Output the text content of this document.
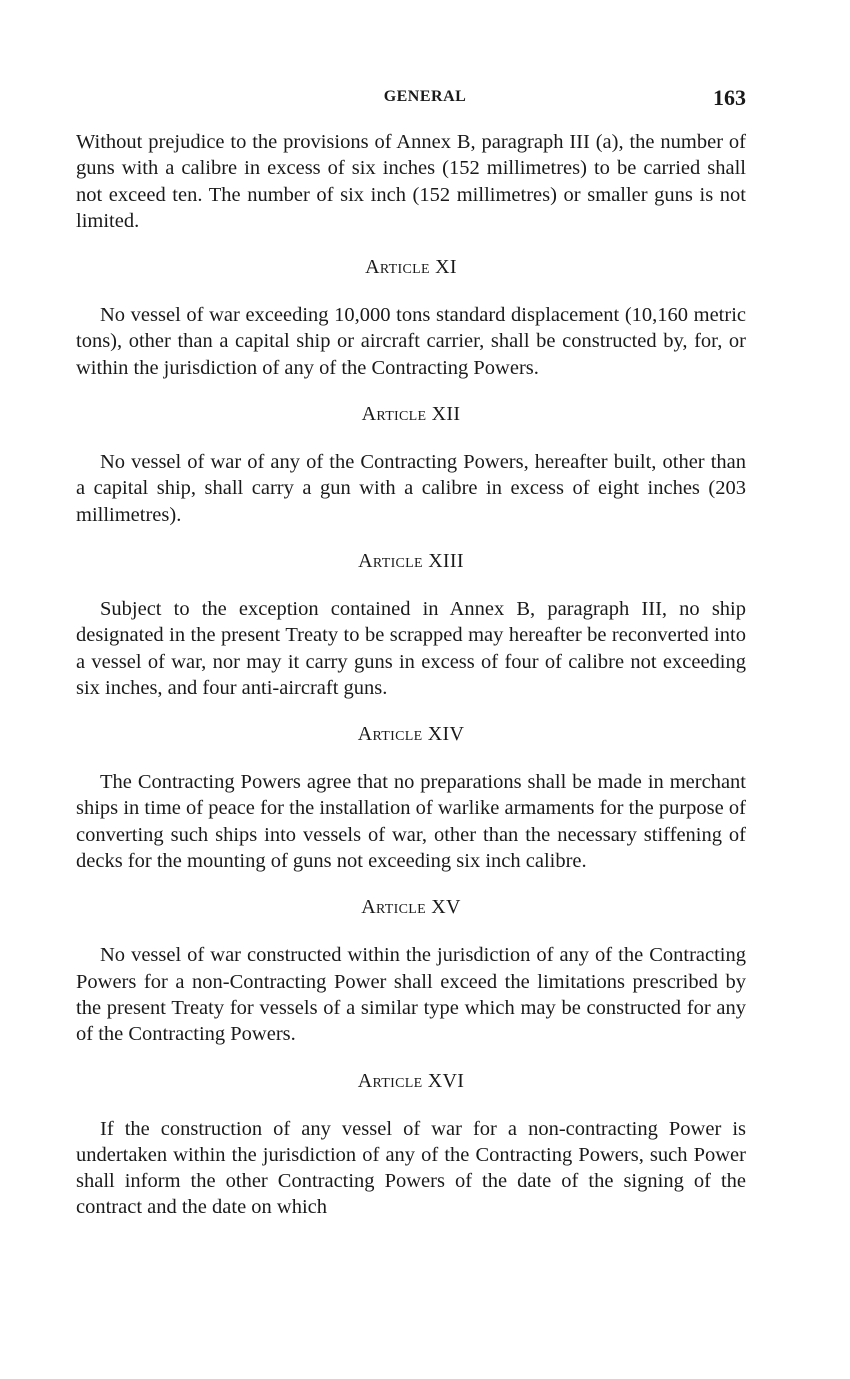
GENERAL	163

Without prejudice to the provisions of Annex B, paragraph III (a), the number of guns with a calibre in excess of six inches (152 millimetres) to be carried shall not exceed ten. The number of six inch (152 millimetres) or smaller guns is not limited.

Article XI

No vessel of war exceeding 10,000 tons standard displacement (10,160 metric tons), other than a capital ship or aircraft carrier, shall be constructed by, for, or within the jurisdiction of any of the Contracting Powers.

Article XII

No vessel of war of any of the Contracting Powers, hereafter built, other than a capital ship, shall carry a gun with a calibre in excess of eight inches (203 millimetres).

Article XIII

Subject to the exception contained in Annex B, paragraph III, no ship designated in the present Treaty to be scrapped may hereafter be reconverted into a vessel of war, nor may it carry guns in excess of four of calibre not exceeding six inches, and four anti-aircraft guns.

Article XIV

The Contracting Powers agree that no preparations shall be made in merchant ships in time of peace for the installation of warlike armaments for the purpose of converting such ships into vessels of war, other than the necessary stiffening of decks for the mounting of guns not exceeding six inch calibre.

Article XV

No vessel of war constructed within the jurisdiction of any of the Contracting Powers for a non-Contracting Power shall exceed the limitations prescribed by the present Treaty for vessels of a similar type which may be constructed for any of the Contracting Powers.

Article XVI

If the construction of any vessel of war for a non-contracting Power is undertaken within the jurisdiction of any of the Contracting Powers, such Power shall inform the other Contracting Powers of the date of the signing of the contract and the date on which
